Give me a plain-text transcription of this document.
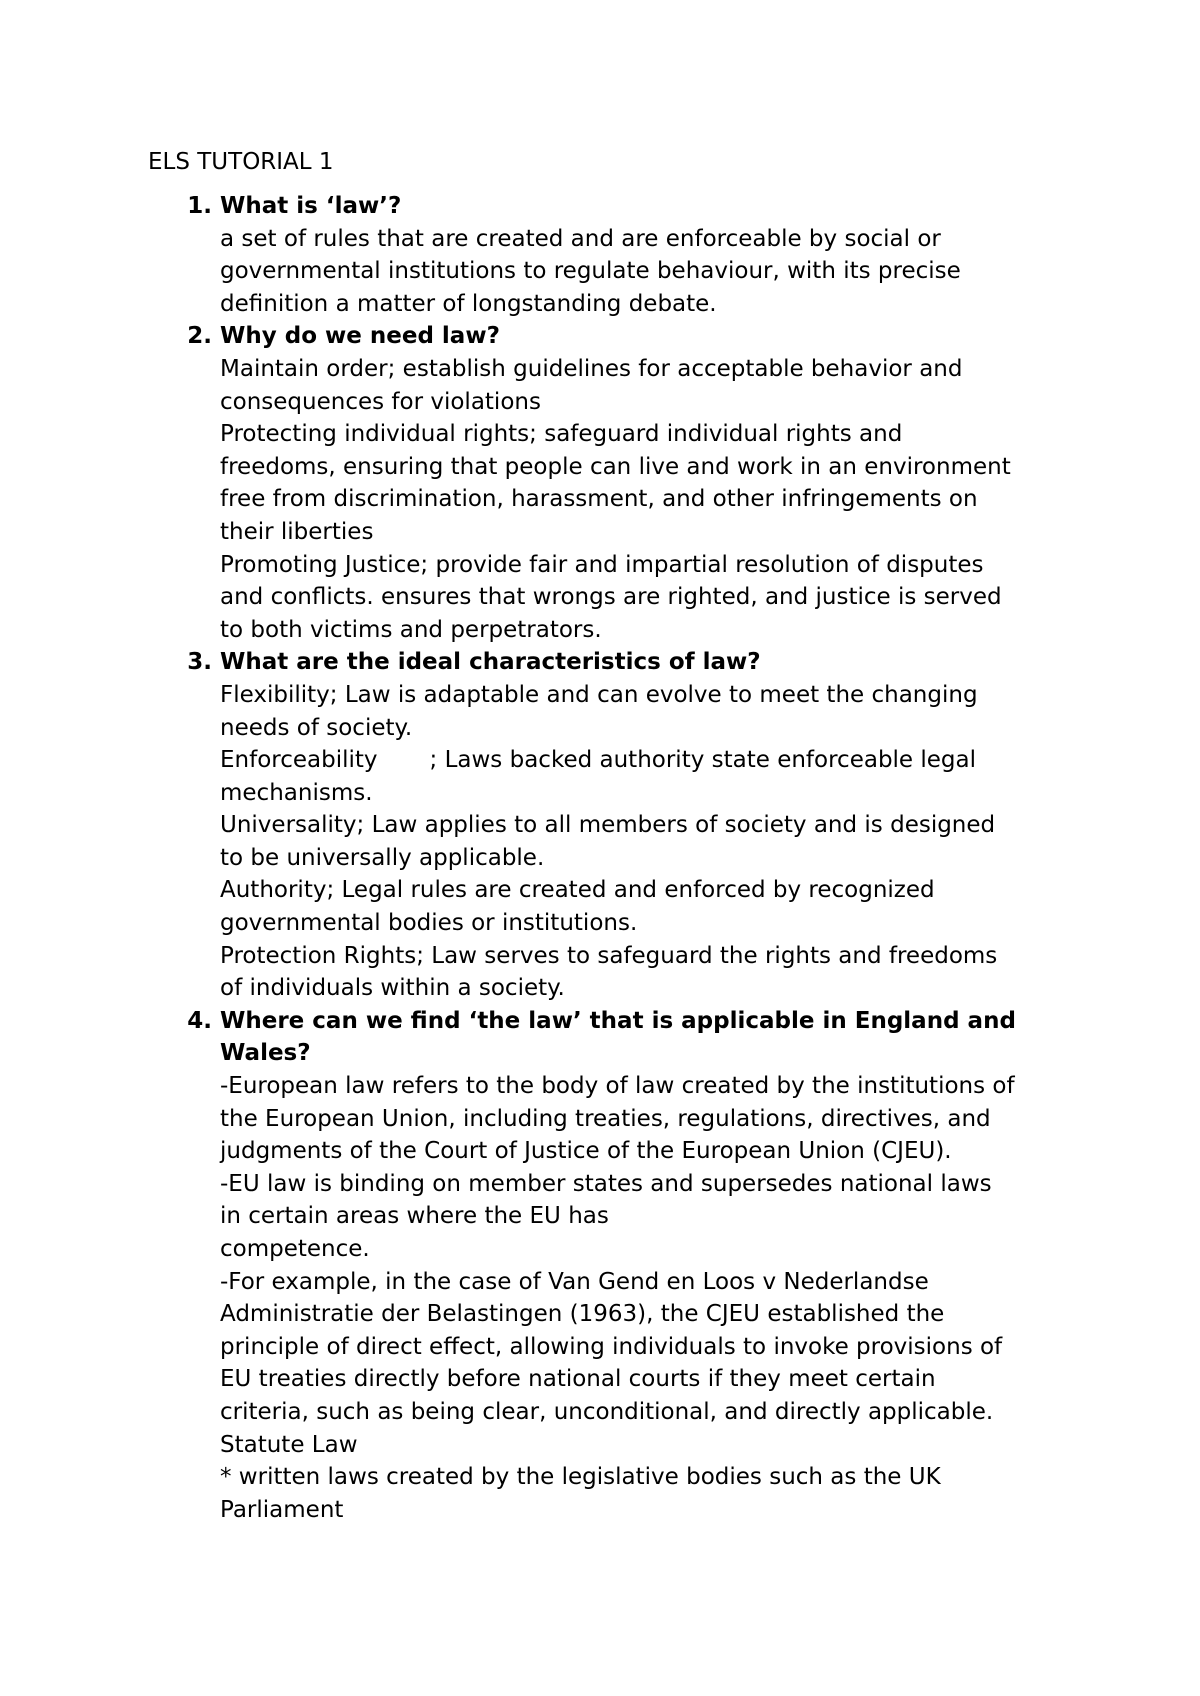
ELS TUTORIAL 1
1. What is ‘law’?
a set of rules that are created and are enforceable by social or
governmental institutions to regulate behaviour, with its precise
definition a matter of longstanding debate.
2. Why do we need law?
Maintain order; establish guidelines for acceptable behavior and
consequences for violations
Protecting individual rights; safeguard individual rights and
freedoms, ensuring that people can live and work in an environment
free from discrimination, harassment, and other infringements on
their liberties
Promoting Justice; provide fair and impartial resolution of disputes
and conflicts. ensures that wrongs are righted, and justice is served
to both victims and perpetrators.
3. What are the ideal characteristics of law?
Flexibility; Law is adaptable and can evolve to meet the changing
needs of society.
Enforceability ; Laws backed authority state enforceable legal
mechanisms.
Universality; Law applies to all members of society and is designed
to be universally applicable.
Authority; Legal rules are created and enforced by recognized
governmental bodies or institutions.
Protection Rights; Law serves to safeguard the rights and freedoms
of individuals within a society.
4. Where can we find ‘the law’ that is applicable in England and
Wales?
-European law refers to the body of law created by the institutions of
the European Union, including treaties, regulations, directives, and
judgments of the Court of Justice of the European Union (CJEU).
-EU law is binding on member states and supersedes national laws
in certain areas where the EU has
competence.
-For example, in the case of Van Gend en Loos v Nederlandse
Administratie der Belastingen (1963), the CJEU established the
principle of direct effect, allowing individuals to invoke provisions of
EU treaties directly before national courts if they meet certain
criteria, such as being clear, unconditional, and directly applicable.
Statute Law
* written laws created by the legislative bodies such as the UK
Parliament
